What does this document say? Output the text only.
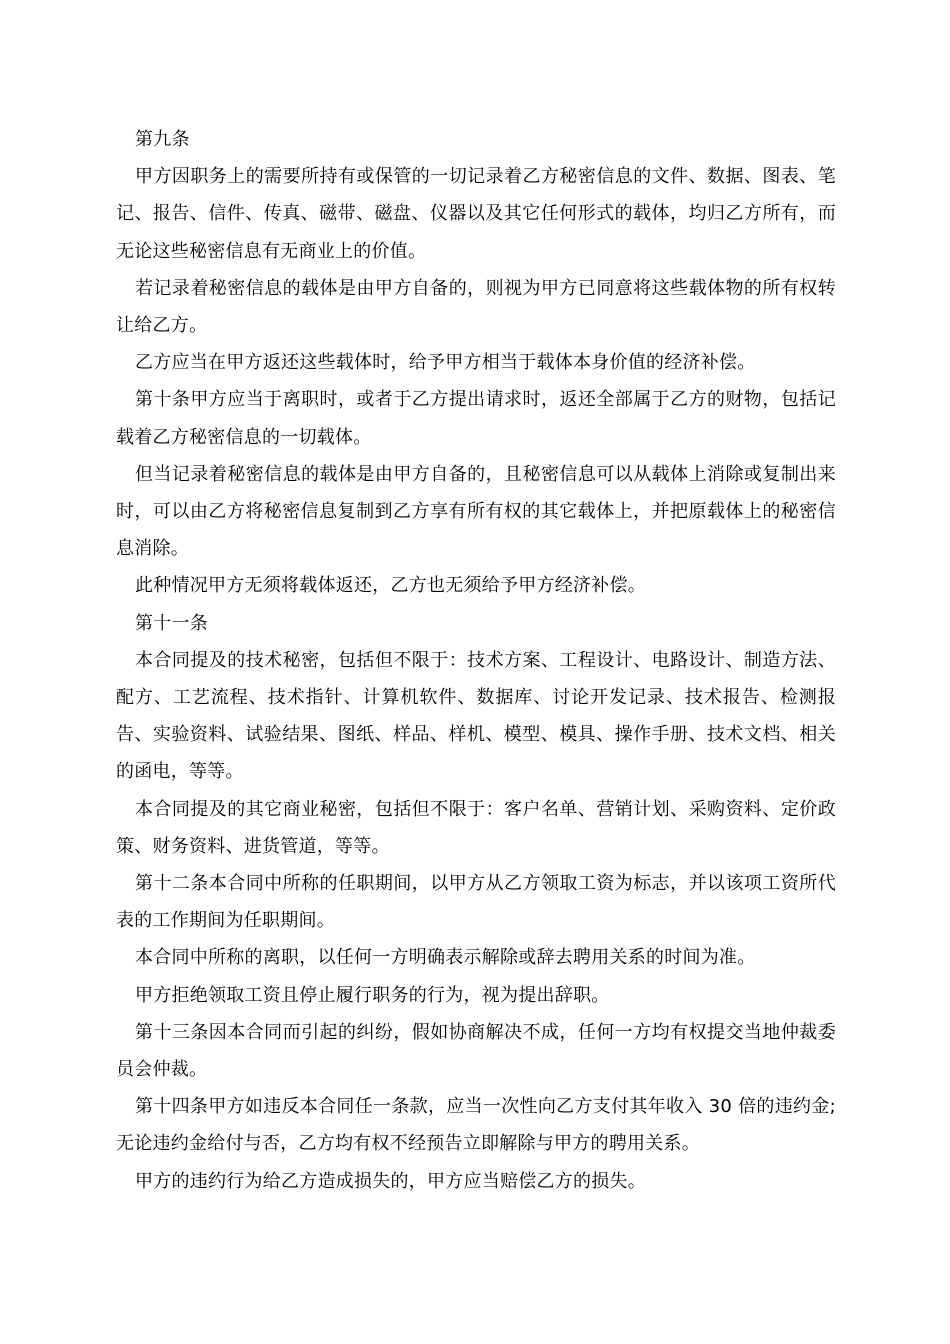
第九条

甲方因职务上的需要所持有或保管的一切记录着乙方秘密信息的文件、数据、图表、笔记、报告、信件、传真、磁带、磁盘、仪器以及其它任何形式的载体，均归乙方所有，而无论这些秘密信息有无商业上的价值。

若记录着秘密信息的载体是由甲方自备的，则视为甲方已同意将这些载体物的所有权转让给乙方。

乙方应当在甲方返还这些载体时，给予甲方相当于载体本身价值的经济补偿。

第十条甲方应当于离职时，或者于乙方提出请求时，返还全部属于乙方的财物，包括记载着乙方秘密信息的一切载体。

但当记录着秘密信息的载体是由甲方自备的，且秘密信息可以从载体上消除或复制出来时，可以由乙方将秘密信息复制到乙方享有所有权的其它载体上，并把原载体上的秘密信息消除。

此种情况甲方无须将载体返还，乙方也无须给予甲方经济补偿。

第十一条

本合同提及的技术秘密，包括但不限于：技术方案、工程设计、电路设计、制造方法、配方、工艺流程、技术指针、计算机软件、数据库、讨论开发记录、技术报告、检测报告、实验资料、试验结果、图纸、样品、样机、模型、模具、操作手册、技术文档、相关的函电，等等。

本合同提及的其它商业秘密，包括但不限于：客户名单、营销计划、采购资料、定价政策、财务资料、进货管道，等等。

第十二条本合同中所称的任职期间，以甲方从乙方领取工资为标志，并以该项工资所代表的工作期间为任职期间。

本合同中所称的离职，以任何一方明确表示解除或辞去聘用关系的时间为准。

甲方拒绝领取工资且停止履行职务的行为，视为提出辞职。

第十三条因本合同而引起的纠纷，假如协商解决不成，任何一方均有权提交当地仲裁委员会仲裁。

第十四条甲方如违反本合同任一条款，应当一次性向乙方支付其年收入 30 倍的违约金;无论违约金给付与否，乙方均有权不经预告立即解除与甲方的聘用关系。

甲方的违约行为给乙方造成损失的，甲方应当赔偿乙方的损失。
